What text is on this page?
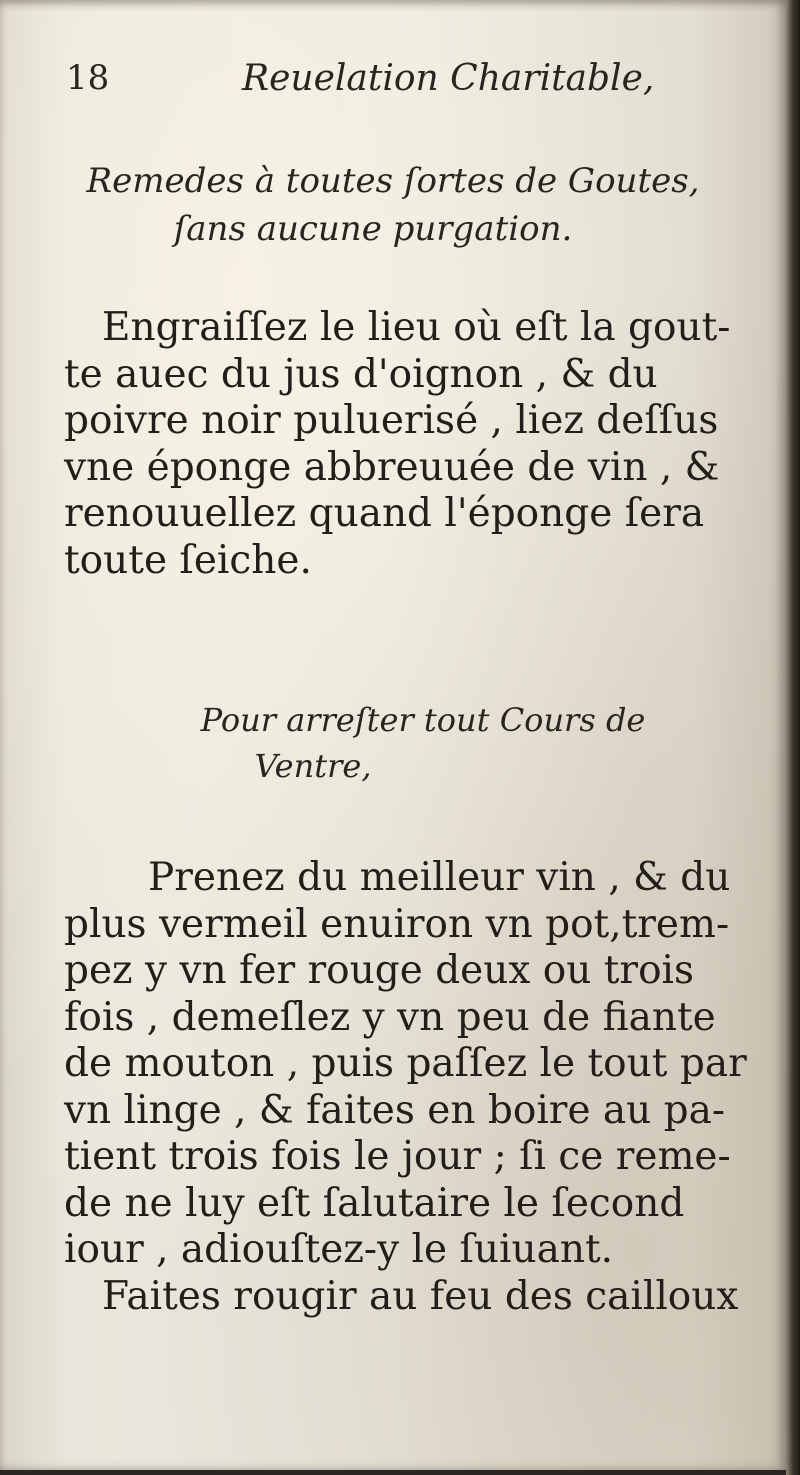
18	Reuelation Charitable,
Remedes à toutes ſortes de Goutes,
ſans aucune purgation.
Engraiſſez le lieu où eſt la gout-
te auec du jus d'oignon , & du
poivre noir puluerisé , liez deſſus
vne éponge abbreuuée de vin , &
renouuellez quand l'éponge ſera
toute ſeiche.
Pour arreſter tout Cours de
Ventre,
Prenez du meilleur vin , & du
plus vermeil enuiron vn pot,trem-
pez y vn fer rouge deux ou trois
fois , demeſlez y vn peu de fiante
de mouton , puis paſſez le tout par
vn linge , & faites en boire au pa-
tient trois fois le jour ; ſi ce reme-
de ne luy eſt ſalutaire le ſecond
iour , adiouſtez-y le ſuiuant.
Faites rougir au feu des cailloux
